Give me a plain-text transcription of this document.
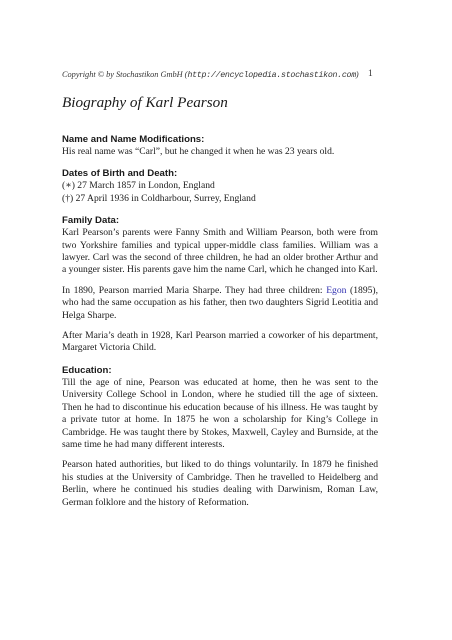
Copyright © by Stochastikon GmbH (http://encyclopedia.stochastikon.com) 1
Biography of Karl Pearson
Name and Name Modifications:

His real name was “Carl”, but he changed it when he was 23 years old.

Dates of Birth and Death:

(∗) 27 March 1857 in London, England

(†) 27 April 1936 in Coldharbour, Surrey, England

Family Data:

Karl Pearson’s parents were Fanny Smith and William Pearson, both were from two Yorkshire families and typical upper-middle class families. William was a lawyer. Carl was the second of three children, he had an older brother Arthur and a younger sister. His parents gave him the name Carl, which he changed into Karl.

In 1890, Pearson married Maria Sharpe. They had three children: Egon (1895), who had the same occupation as his father, then two daughters Sigrid Leotitia and Helga Sharpe.

After Maria’s death in 1928, Karl Pearson married a coworker of his department, Margaret Victoria Child.

Education:

Till the age of nine, Pearson was educated at home, then he was sent to the University College School in London, where he studied till the age of sixteen. Then he had to discontinue his education because of his illness. He was taught by a private tutor at home. In 1875 he won a scholarship for King’s College in Cambridge. He was taught there by Stokes, Maxwell, Cayley and Burnside, at the same time he had many different interests.

Pearson hated authorities, but liked to do things voluntarily. In 1879 he finished his studies at the University of Cambridge. Then he travelled to Heidelberg and Berlin, where he continued his studies dealing with Darwinism, Roman Law, German folklore and the history of Reformation.
